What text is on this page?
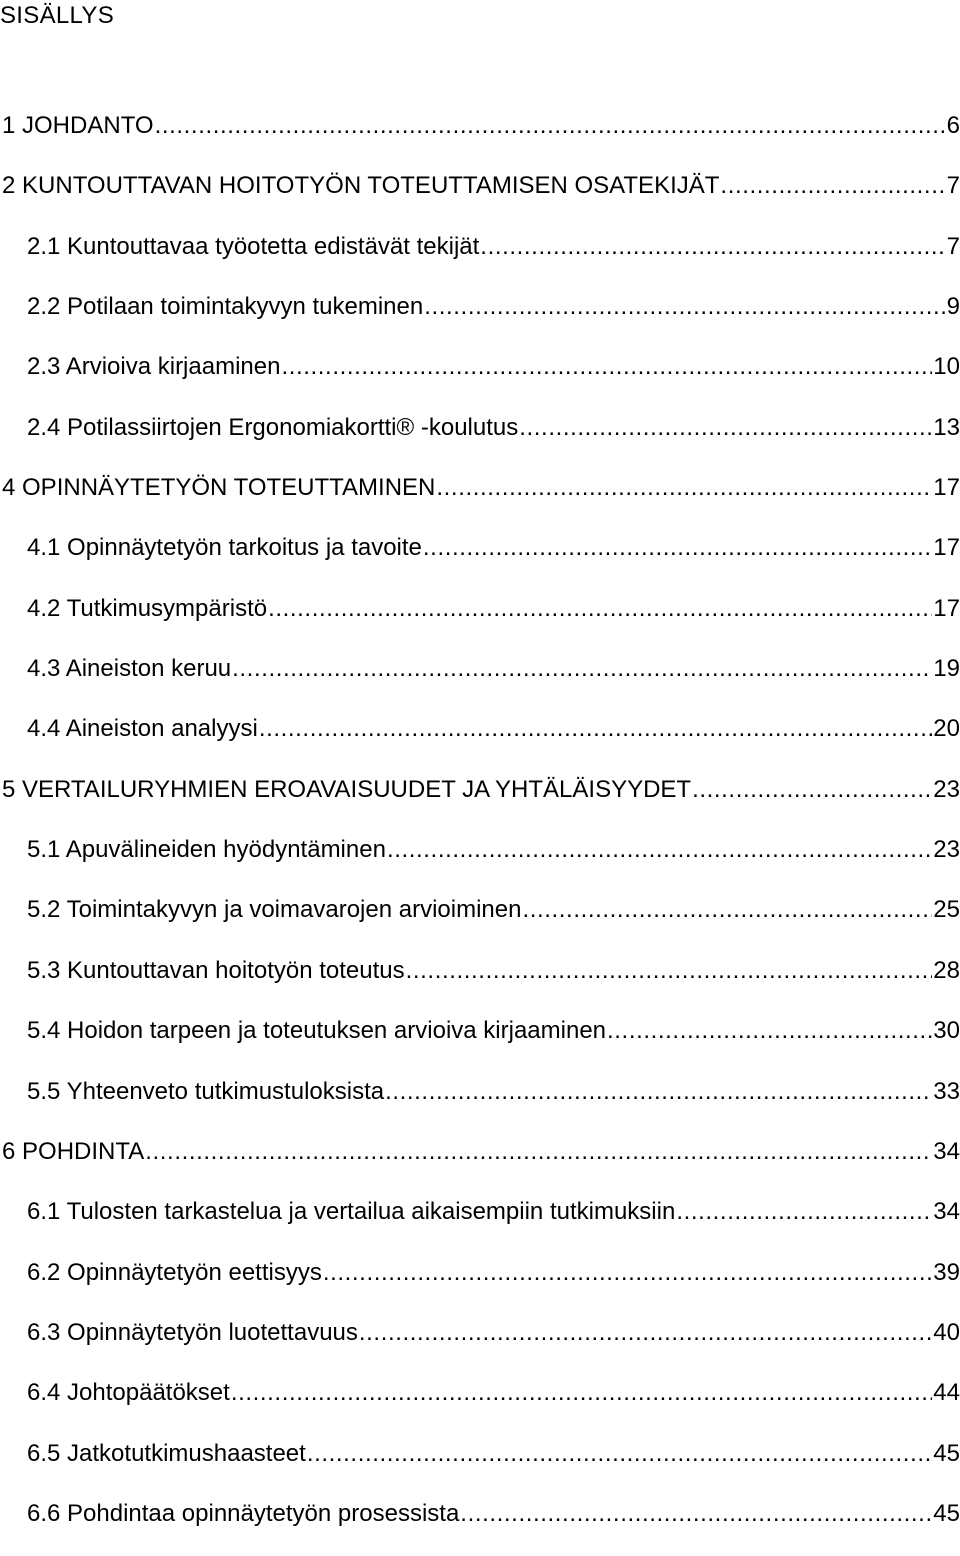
SISÄLLYS
1 JOHDANTO .....	6
2 KUNTOUTTAVAN HOITOTYÖN TOTEUTTAMISEN OSATEKIJÄT .....	7
2.1 Kuntouttavaa työotetta edistävät tekijät .....	7
2.2 Potilaan toimintakyvyn tukeminen .....	9
2.3 Arvioiva kirjaaminen .....	10
2.4 Potilassiirtojen Ergonomiakortti® -koulutus .....	13
4 OPINNÄYTETYÖN TOTEUTTAMINEN .....	17
4.1 Opinnäytetyön tarkoitus ja tavoite .....	17
4.2 Tutkimusympäristö .....	17
4.3 Aineiston keruu .....	19
4.4 Aineiston analyysi .....	20
5 VERTAILURYHMIEN EROAVAISUUDET JA YHTÄLÄISYYDET .....	23
5.1 Apuvälineiden hyödyntäminen .....	23
5.2 Toimintakyvyn ja voimavarojen arvioiminen .....	25
5.3 Kuntouttavan hoitotyön toteutus .....	28
5.4 Hoidon tarpeen ja toteutuksen arvioiva kirjaaminen .....	30
5.5 Yhteenveto tutkimustuloksista .....	33
6 POHDINTA .....	34
6.1 Tulosten tarkastelua ja vertailua aikaisempiin tutkimuksiin .....	34
6.2 Opinnäytetyön eettisyys .....	39
6.3 Opinnäytetyön luotettavuus .....	40
6.4 Johtopäätökset .....	44
6.5 Jatkotutkimushaasteet .....	45
6.6 Pohdintaa opinnäytetyön prosessista .....	45
